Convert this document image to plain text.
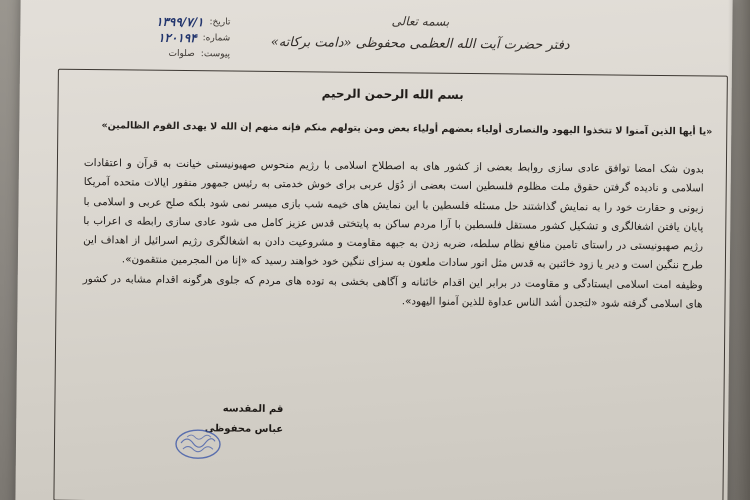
بسمه تعالی
دفتر حضرت آیت الله العظمی محفوظی «دامت برکاته»
تاریخ:
۱۳۹۹/۷/۱
شماره:
۱۲۰۱۹۴
پیوست:
صلوات
بسم الله الرحمن الرحیم
«یا أیها الذین آمنوا لا تتخذوا الیهود والنصاری أولیاء بعضهم أولیاء بعض ومن یتولهم منکم فإنه منهم إن الله لا یهدی القوم الظالمین»

بدون شک امضا توافق عادی سازی روابط بعضی از کشور های به اصطلاح اسلامی با رژیم منحوس صهیونیستی خیانت به قرآن و اعتقادات اسلامی و نادیده گرفتن حقوق ملت مظلوم فلسطین است بعضی از دُوَل عربی برای خوش خدمتی به رئیس جمهور منفور ایالات متحده آمریکا زبونی و حقارت خود را به نمایش گذاشتند حل مسئله فلسطین با این نمایش های خیمه شب بازی میسر نمی شود بلکه صلح عربی و اسلامی با پایان یافتن اشغالگری و تشکیل کشور مستقل فلسطین با آرا مردم ساکن به پایتختی قدس عزیز کامل می شود عادی سازی رابطه ی اعراب با رژیم صهیونیستی در راستای تامین منافع نظام سلطه، ضربه زدن به جبهه مقاومت و مشروعیت دادن به اشغالگری رژیم اسرائیل از اهداف این طرح ننگین است و دیر یا زود خائنین به قدس مثل انور سادات ملعون به سزای ننگین خود خواهند رسید که «إنا من المجرمین منتقمون».

وظیفه امت اسلامی ایستادگی و مقاومت در برابر این اقدام خائنانه و آگاهی بخشی به توده های مردم که جلوی هرگونه اقدام مشابه در کشور های اسلامی گرفته شود «لتجدن أشد الناس عداوة للذین آمنوا الیهود».

قم المقدسه
عباس محفوظی
